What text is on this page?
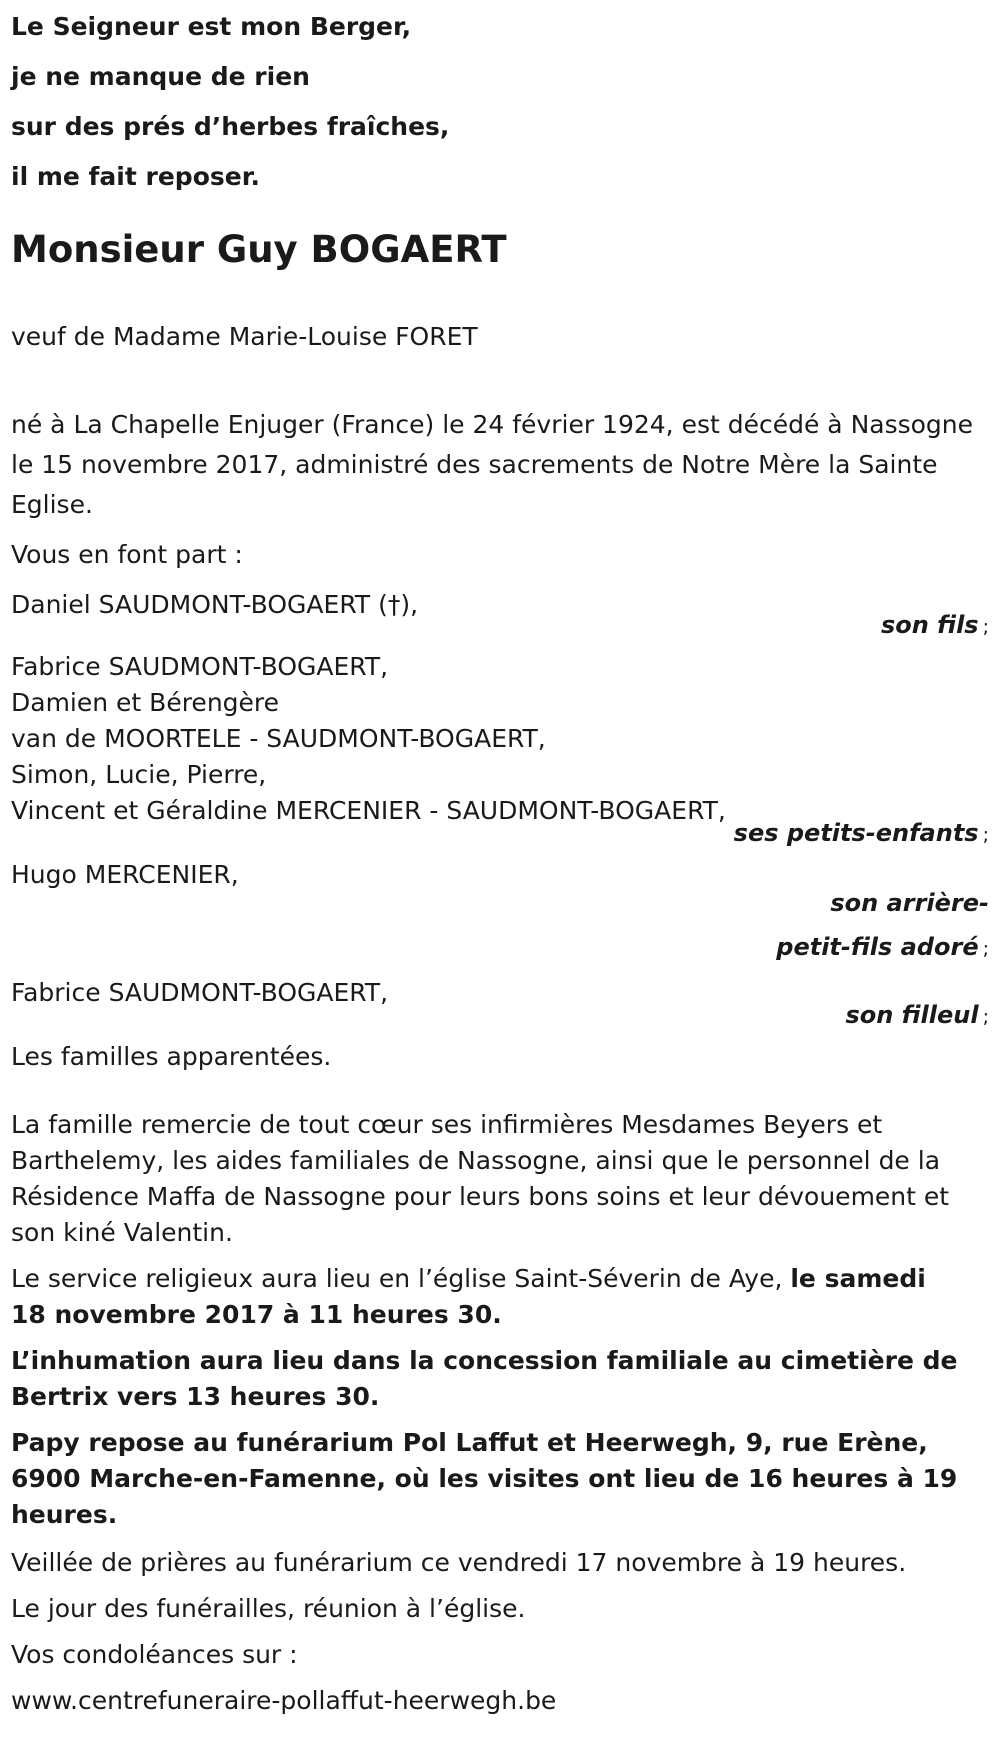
Le Seigneur est mon Berger,
je ne manque de rien
sur des prés d’herbes fraîches,
il me fait reposer.
Monsieur Guy BOGAERT

veuf de Madame Marie-Louise FORET

né à La Chapelle Enjuger (France) le 24 février 1924, est décédé à Nassogne le 15 novembre 2017, administré des sacrements de Notre Mère la Sainte Eglise.

Vous en font part :

Daniel SAUDMONT-BOGAERT (†),

son fils ;

Fabrice SAUDMONT-BOGAERT,

Damien et Bérengère

van de MOORTELE - SAUDMONT-BOGAERT,

Simon, Lucie, Pierre,

Vincent et Géraldine MERCENIER - SAUDMONT-BOGAERT,

ses petits-enfants ;

Hugo MERCENIER,

son arrière-

petit-fils adoré ;

Fabrice SAUDMONT-BOGAERT,

son filleul ;

Les familles apparentées.

La famille remercie de tout cœur ses infirmières Mesdames Beyers et Barthelemy, les aides familiales de Nassogne, ainsi que le personnel de la Résidence Maffa de Nassogne pour leurs bons soins et leur dévouement et son kiné Valentin.

Le service religieux aura lieu en l’église Saint-Séverin de Aye, le samedi
18 novembre 2017 à 11 heures 30.

L’inhumation aura lieu dans la concession familiale au cimetière de Bertrix vers 13 heures 30.

Papy repose au funérarium Pol Laffut et Heerwegh, 9, rue Erène, 6900 Marche-en-Famenne, où les visites ont lieu de 16 heures à 19 heures.

Veillée de prières au funérarium ce vendredi 17 novembre à 19 heures.

Le jour des funérailles, réunion à l’église.

Vos condoléances sur :

www.centrefuneraire-pollaffut-heerwegh.be
